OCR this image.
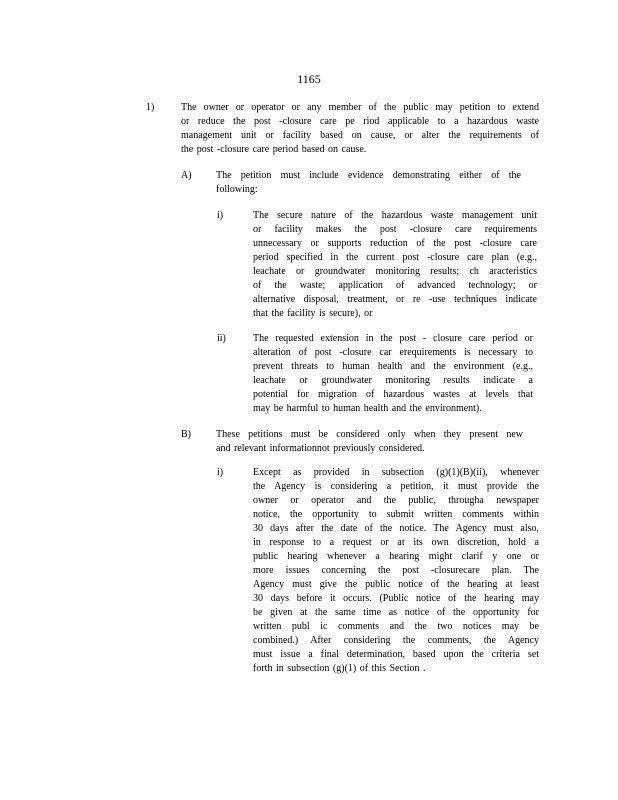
1165
1)	The owner or operator or any member of the public may petition to extend
or reduce the post -closure care pe riod applicable to a hazardous waste
management unit or facility based on cause, or alter the requirements of
the post -closure care period based on cause.
A) The petition must include evidence demonstrating either of the
following:
i)	The secure nature of the hazardous waste management unit
or facility makes the post -closure care requirements
unnecessary or supports reduction of the post -closure care
period specified in the current post -closure care plan (e.g.,
leachate or groundwater monitoring results; ch aracteristics
of the waste; application of advanced technology; or
alternative disposal, treatment, or re -use techniques indicate
that the facility is secure), or
ii)	The requested extension in the post - closure care period or
alteration of post -closure car erequirements is necessary to
prevent threats to human health and the environment (e.g.,
leachate or groundwater monitoring results indicate a
potential for migration of hazardous wastes at levels that
may be harmful to human health and the environment).
B)	These petitions must be considered only when they present new
and relevant informationnot previously considered.
i)	Except as provided in subsection (g)(1)(B)(ii), whenever
the Agency is considering a petition, it must provide the
owner or operator and the public, througha newspaper
notice, the opportunity to submit written comments within
30 days after the date of the notice. The Agency must also,
in response to a request or at its own discretion, hold a
public hearing whenever a hearing might clarif y one or
more issues concerning the post -closurecare plan. The
Agency must give the public notice of the hearing at least
30 days before it occurs. (Public notice of the hearing may
be given at the same time as notice of the opportunity for
written publ ic comments and the two notices may be
combined.) After considering the comments, the Agency
must issue a final determination, based upon the criteria set
forth in subsection (g)(1) of this Section .
